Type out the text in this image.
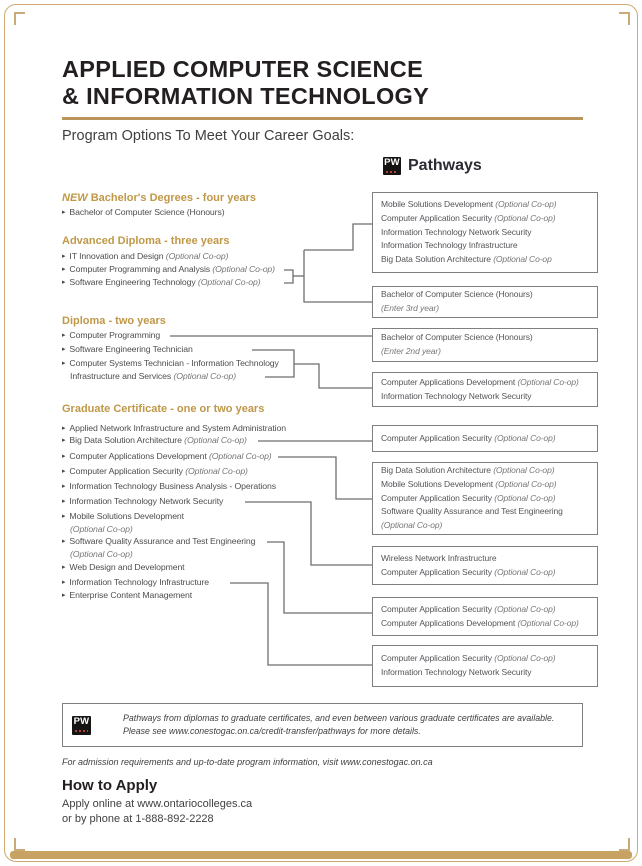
APPLIED COMPUTER SCIENCE
& INFORMATION TECHNOLOGY
Program Options To Meet Your Career Goals:
PW Pathways
NEW Bachelor's Degrees - four years
▸ Bachelor of Computer Science (Honours)
Advanced Diploma - three years
▸ IT Innovation and Design (Optional Co-op)
▸ Computer Programming and Analysis (Optional Co-op)
▸ Software Engineering Technology (Optional Co-op)
Diploma - two years
▸ Computer Programming
▸ Software Engineering Technician
▸ Computer Systems Technician - Information Technology
Infrastructure and Services (Optional Co-op)
Graduate Certificate - one or two years
▸ Applied Network Infrastructure and System Administration
▸ Big Data Solution Architecture (Optional Co-op)
▸ Computer Applications Development (Optional Co-op)
▸ Computer Application Security (Optional Co-op)
▸ Information Technology Business Analysis - Operations
▸ Information Technology Network Security
▸ Mobile Solutions Development
(Optional Co-op)
▸ Software Quality Assurance and Test Engineering
(Optional Co-op)
▸ Web Design and Development
▸ Information Technology Infrastructure
▸ Enterprise Content Management
Mobile Solutions Development (Optional Co-op)
Computer Application Security (Optional Co-op)
Information Technology Network Security
Information Technology Infrastructure
Big Data Solution Architecture (Optional Co-op
Bachelor of Computer Science (Honours)
(Enter 3rd year)
Bachelor of Computer Science (Honours)
(Enter 2nd year)
Computer Applications Development (Optional Co-op)
Information Technology Network Security
Computer Application Security (Optional Co-op)
Big Data Solution Architecture (Optional Co-op)
Mobile Solutions Development (Optional Co-op)
Computer Application Security (Optional Co-op)
Software Quality Assurance and Test Engineering
(Optional Co-op)
Wireless Network Infrastructure
Computer Application Security (Optional Co-op)
Computer Application Security (Optional Co-op)
Computer Applications Development (Optional Co-op)
Computer Application Security (Optional Co-op)
Information Technology Network Security
PW	Pathways from diplomas to graduate certificates, and even between various graduate certificates are available.
Please see www.conestogac.on.ca/credit-transfer/pathways for more details.
For admission requirements and up-to-date program information, visit www.conestogac.on.ca
How to Apply
Apply online at www.ontariocolleges.ca
or by phone at 1-888-892-2228
